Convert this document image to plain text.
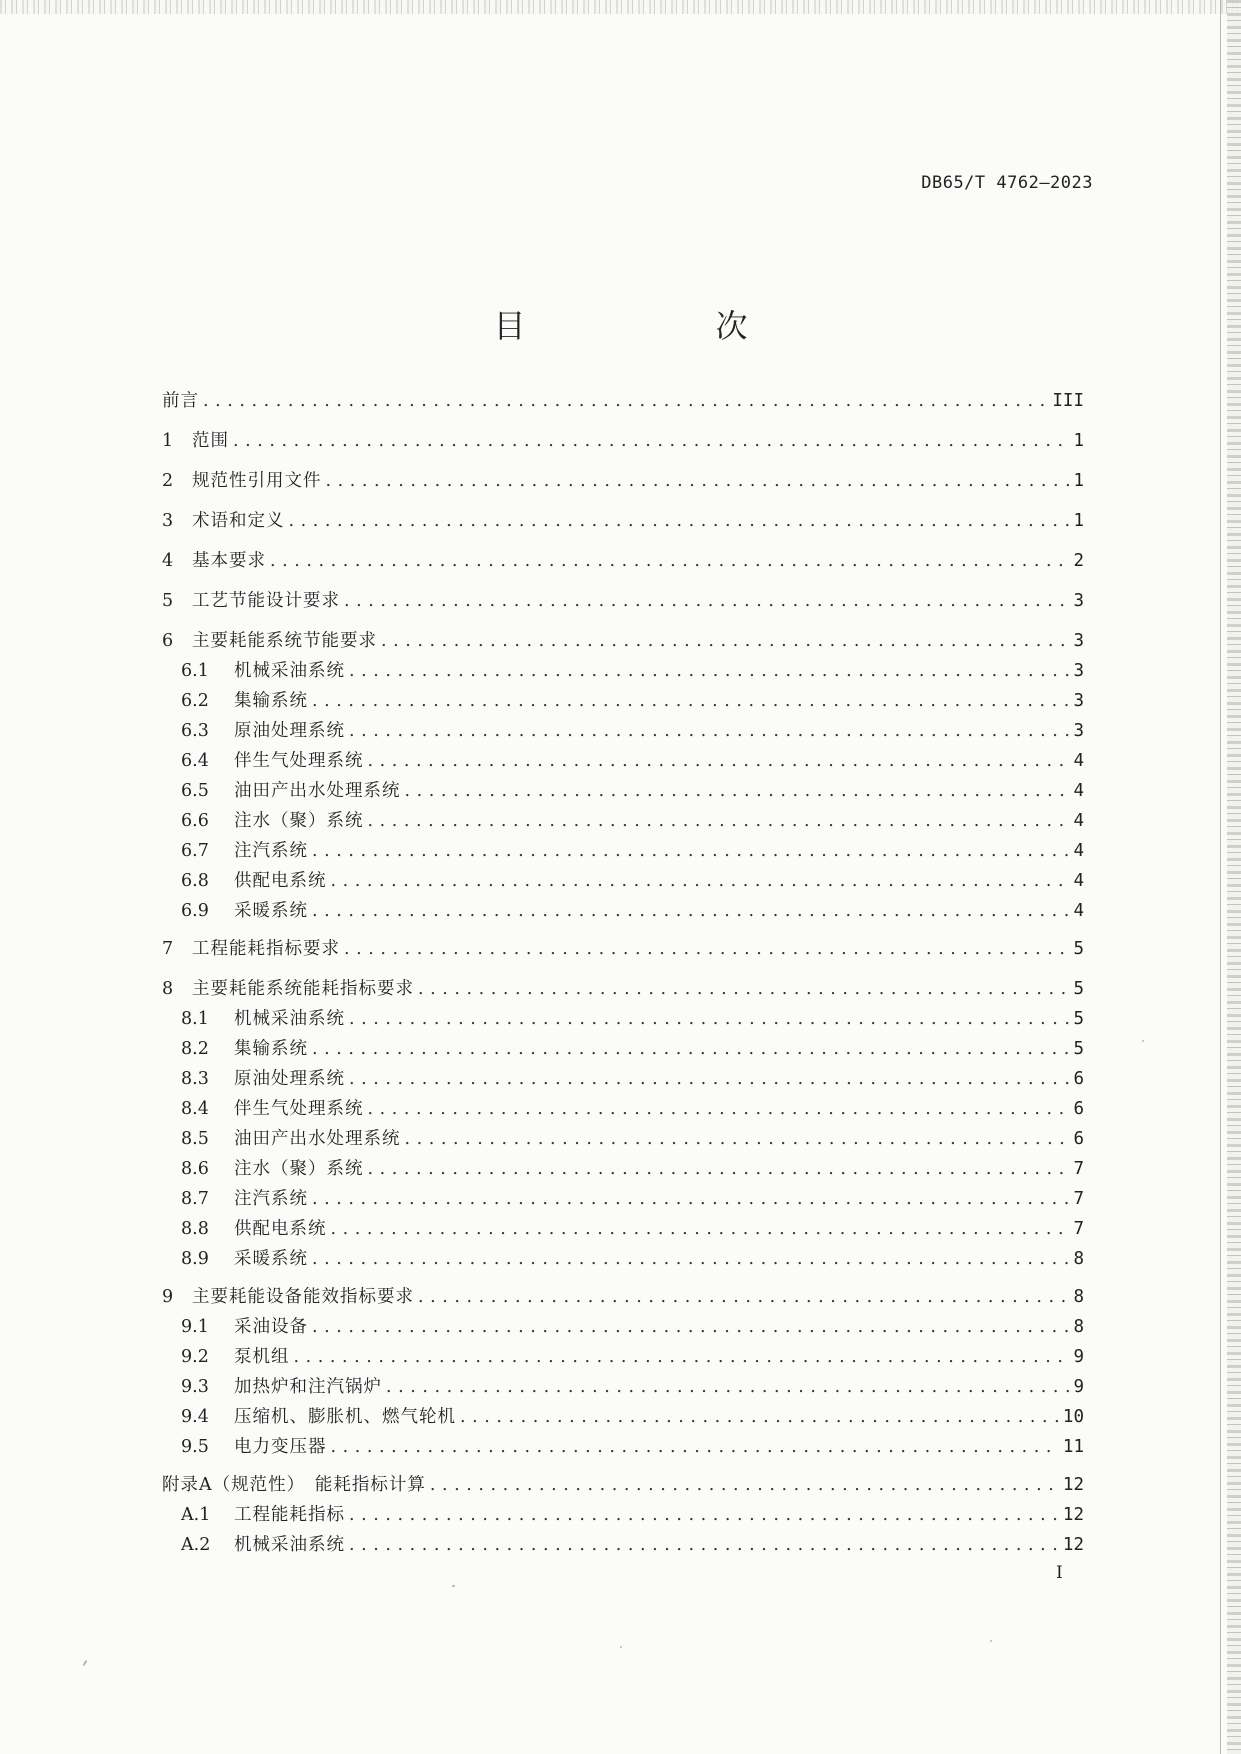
DB65/T 4762—2023
目　　次
前言 . . .	III
1	范围 . . .	1
2	规范性引用文件 . . .	1
3	术语和定义 . . .	1
4	基本要求 . . .	2
5	工艺节能设计要求 . . .	3
6	主要耗能系统节能要求 . . .	3
6.1	机械采油系统 . . .	3
6.2	集输系统 . . .	3
6.3	原油处理系统 . . .	3
6.4	伴生气处理系统 . . .	4
6.5	油田产出水处理系统 . . .	4
6.6	注水（聚）系统 . . .	4
6.7	注汽系统 . . .	4
6.8	供配电系统 . . .	4
6.9	采暖系统 . . .	4
7	工程能耗指标要求 . . .	5
8	主要耗能系统能耗指标要求 . . .	5
8.1	机械采油系统 . . .	5
8.2	集输系统 . . .	5
8.3	原油处理系统 . . .	6
8.4	伴生气处理系统 . . .	6
8.5	油田产出水处理系统 . . .	6
8.6	注水（聚）系统 . . .	7
8.7	注汽系统 . . .	7
8.8	供配电系统 . . .	7
8.9	采暖系统 . . .	8
9	主要耗能设备能效指标要求 . . .	8
9.1	采油设备 . . .	8
9.2	泵机组 . . .	9
9.3	加热炉和注汽锅炉 . . .	9
9.4	压缩机、膨胀机、燃气轮机 . . .	10
9.5	电力变压器 . . .	11
附录A（规范性）　能耗指标计算 . . .	12
A.1	工程能耗指标 . . .	12
A.2	机械采油系统 . . .	12
I
